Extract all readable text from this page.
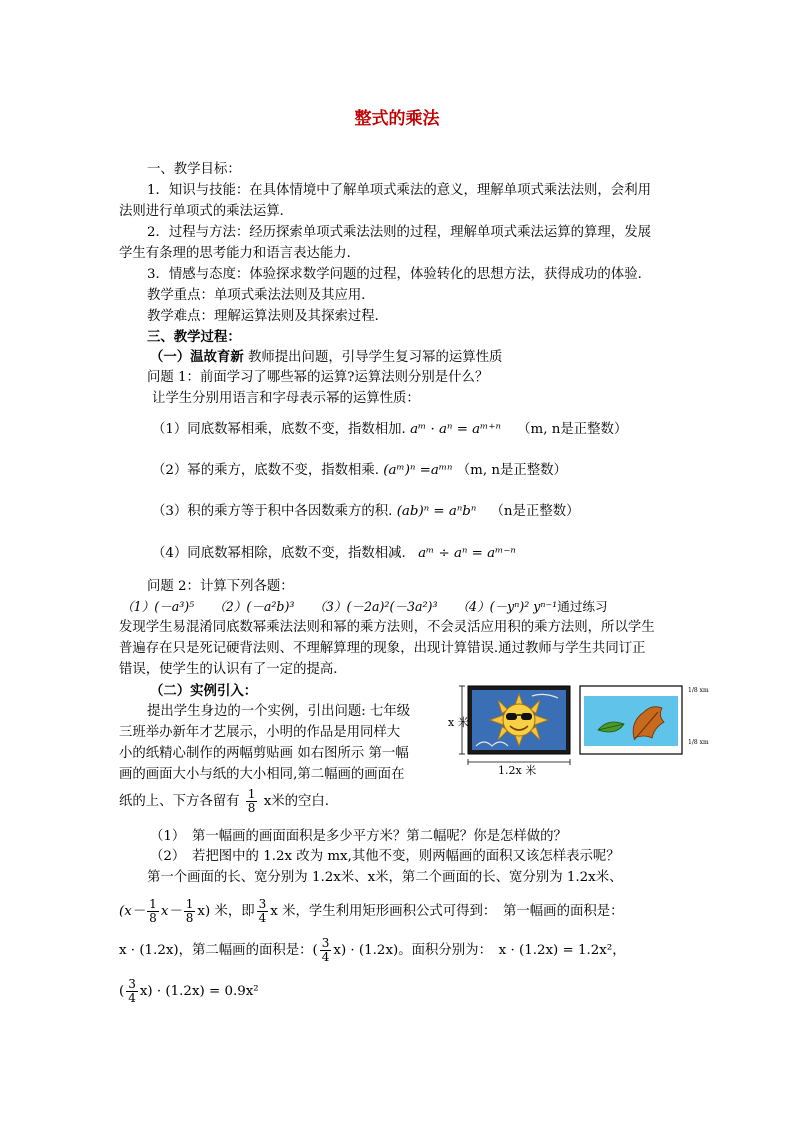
整式的乘法
一、教学目标：
1．知识与技能：在具体情境中了解单项式乘法的意义，理解单项式乘法法则，会利用
法则进行单项式的乘法运算．
2．过程与方法：经历探索单项式乘法法则的过程，理解单项式乘法运算的算理，发展
学生有条理的思考能力和语言表达能力．
3．情感与态度：体验探求数学问题的过程，体验转化的思想方法，获得成功的体验．
教学重点：单项式乘法法则及其应用．
教学难点：理解运算法则及其探索过程．
三、教学过程：
（一）温故育新 教师提出问题，引导学生复习幂的运算性质
问题 1：前面学习了哪些幂的运算?运算法则分别是什么？
让学生分别用语言和字母表示幂的运算性质：
（1）同底数幂相乘，底数不变，指数相加. aᵐ · aⁿ = aᵐ⁺ⁿ （m, n是正整数）
（2）幂的乘方，底数不变，指数相乘. (aᵐ)ⁿ =aᵐⁿ （m, n是正整数）
（3）积的乘方等于积中各因数乘方的积. (ab)ⁿ = aⁿbⁿ （n是正整数）
（4）同底数幂相除，底数不变，指数相减. aᵐ ÷ aⁿ = aᵐ⁻ⁿ
问题 2：计算下列各题：
（1）(－a³)⁵　　（2）(－a²b)³　　（3）(－2a)²(－3a²)³　　（4）(－yⁿ)² yⁿ⁻¹通过练习
发现学生易混淆同底数幂乘法法则和幂的乘方法则，不会灵活应用积的乘方法则，所以学生
普遍存在只是死记硬背法则、不理解算理的现象，出现计算错误.通过教师与学生共同订正
错误，使学生的认识有了一定的提高.
（二）实例引入：
提出学生身边的一个实例，引出问题: 七年级
三班举办新年才艺展示，小明的作品是用同样大
小的纸精心制作的两幅剪贴画 如右图所示 第一幅
画的画面大小与纸的大小相同,第二幅画的画面在
纸的上、下方各留有 $\frac{1}{8}$ x米的空白.
x 米
1.2x 米
1/8 xm
1/8 xm
（1）　第一幅画的画面面积是多少平方米？第二幅呢？你是怎样做的？
（2）　若把图中的 1.2x 改为 mx,其他不变，则两幅画的面积又该怎样表示呢？
第一个画面的长、宽分别为 1.2x米、x米，第二个画面的长、宽分别为 1.2x米、
$(x- \frac{1}{8} x- \frac{1}{8} x)$ 米，即 $\frac{3}{4}$ x 米，学生利用矩形画积公式可得到：　第一幅画的面积是：
x · (1.2x)，第二幅画的面积是：( $\frac{3}{4} x) \cdot (1.2x)$。面积分别为：　x · (1.2x) = 1.2x²，
( $\frac{3}{4} x) \cdot (1.2x) = 0.9x^2$
